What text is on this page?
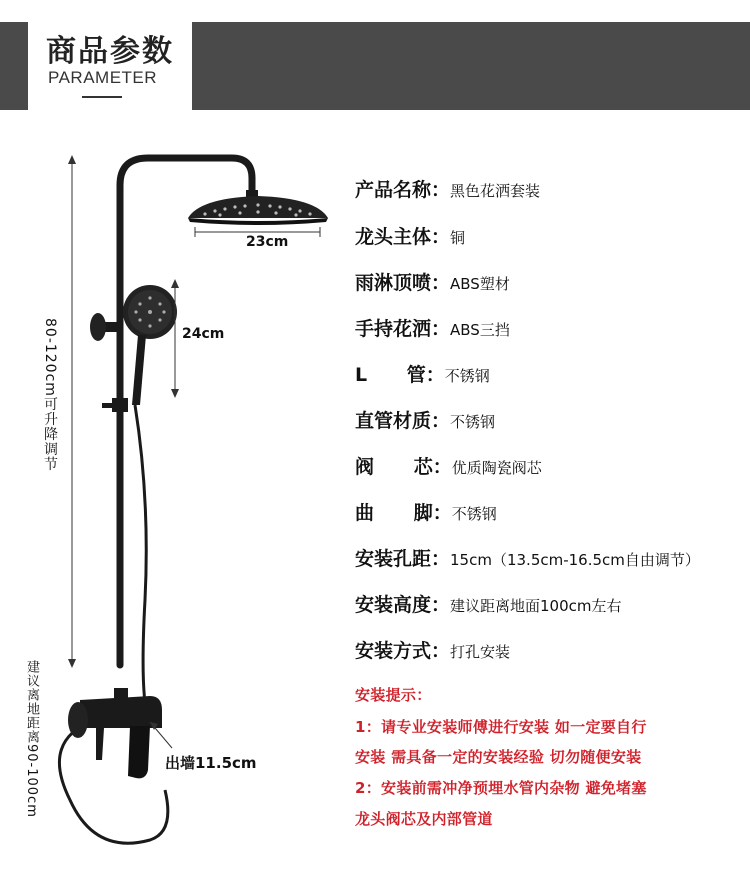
商品参数
PARAMETER
23cm
24cm
80-120cm可升降调节
建议离地距离90-100cm	出墙11.5cm
产品名称：黑色花洒套装
龙头主体：铜
雨淋顶喷：ABS塑材
手持花洒：ABS三挡
L      管：不锈钢
直管材质：不锈钢
阀      芯：优质陶瓷阀芯
曲      脚：不锈钢
安装孔距：15cm（13.5cm-16.5cm自由调节）
安装高度：建议距离地面100cm左右
安装方式：打孔安装
安装提示：
1：请专业安装师傅进行安装 如一定要自行
安装 需具备一定的安装经验 切勿随便安装
2：安装前需冲净预埋水管内杂物 避免堵塞
龙头阀芯及内部管道
